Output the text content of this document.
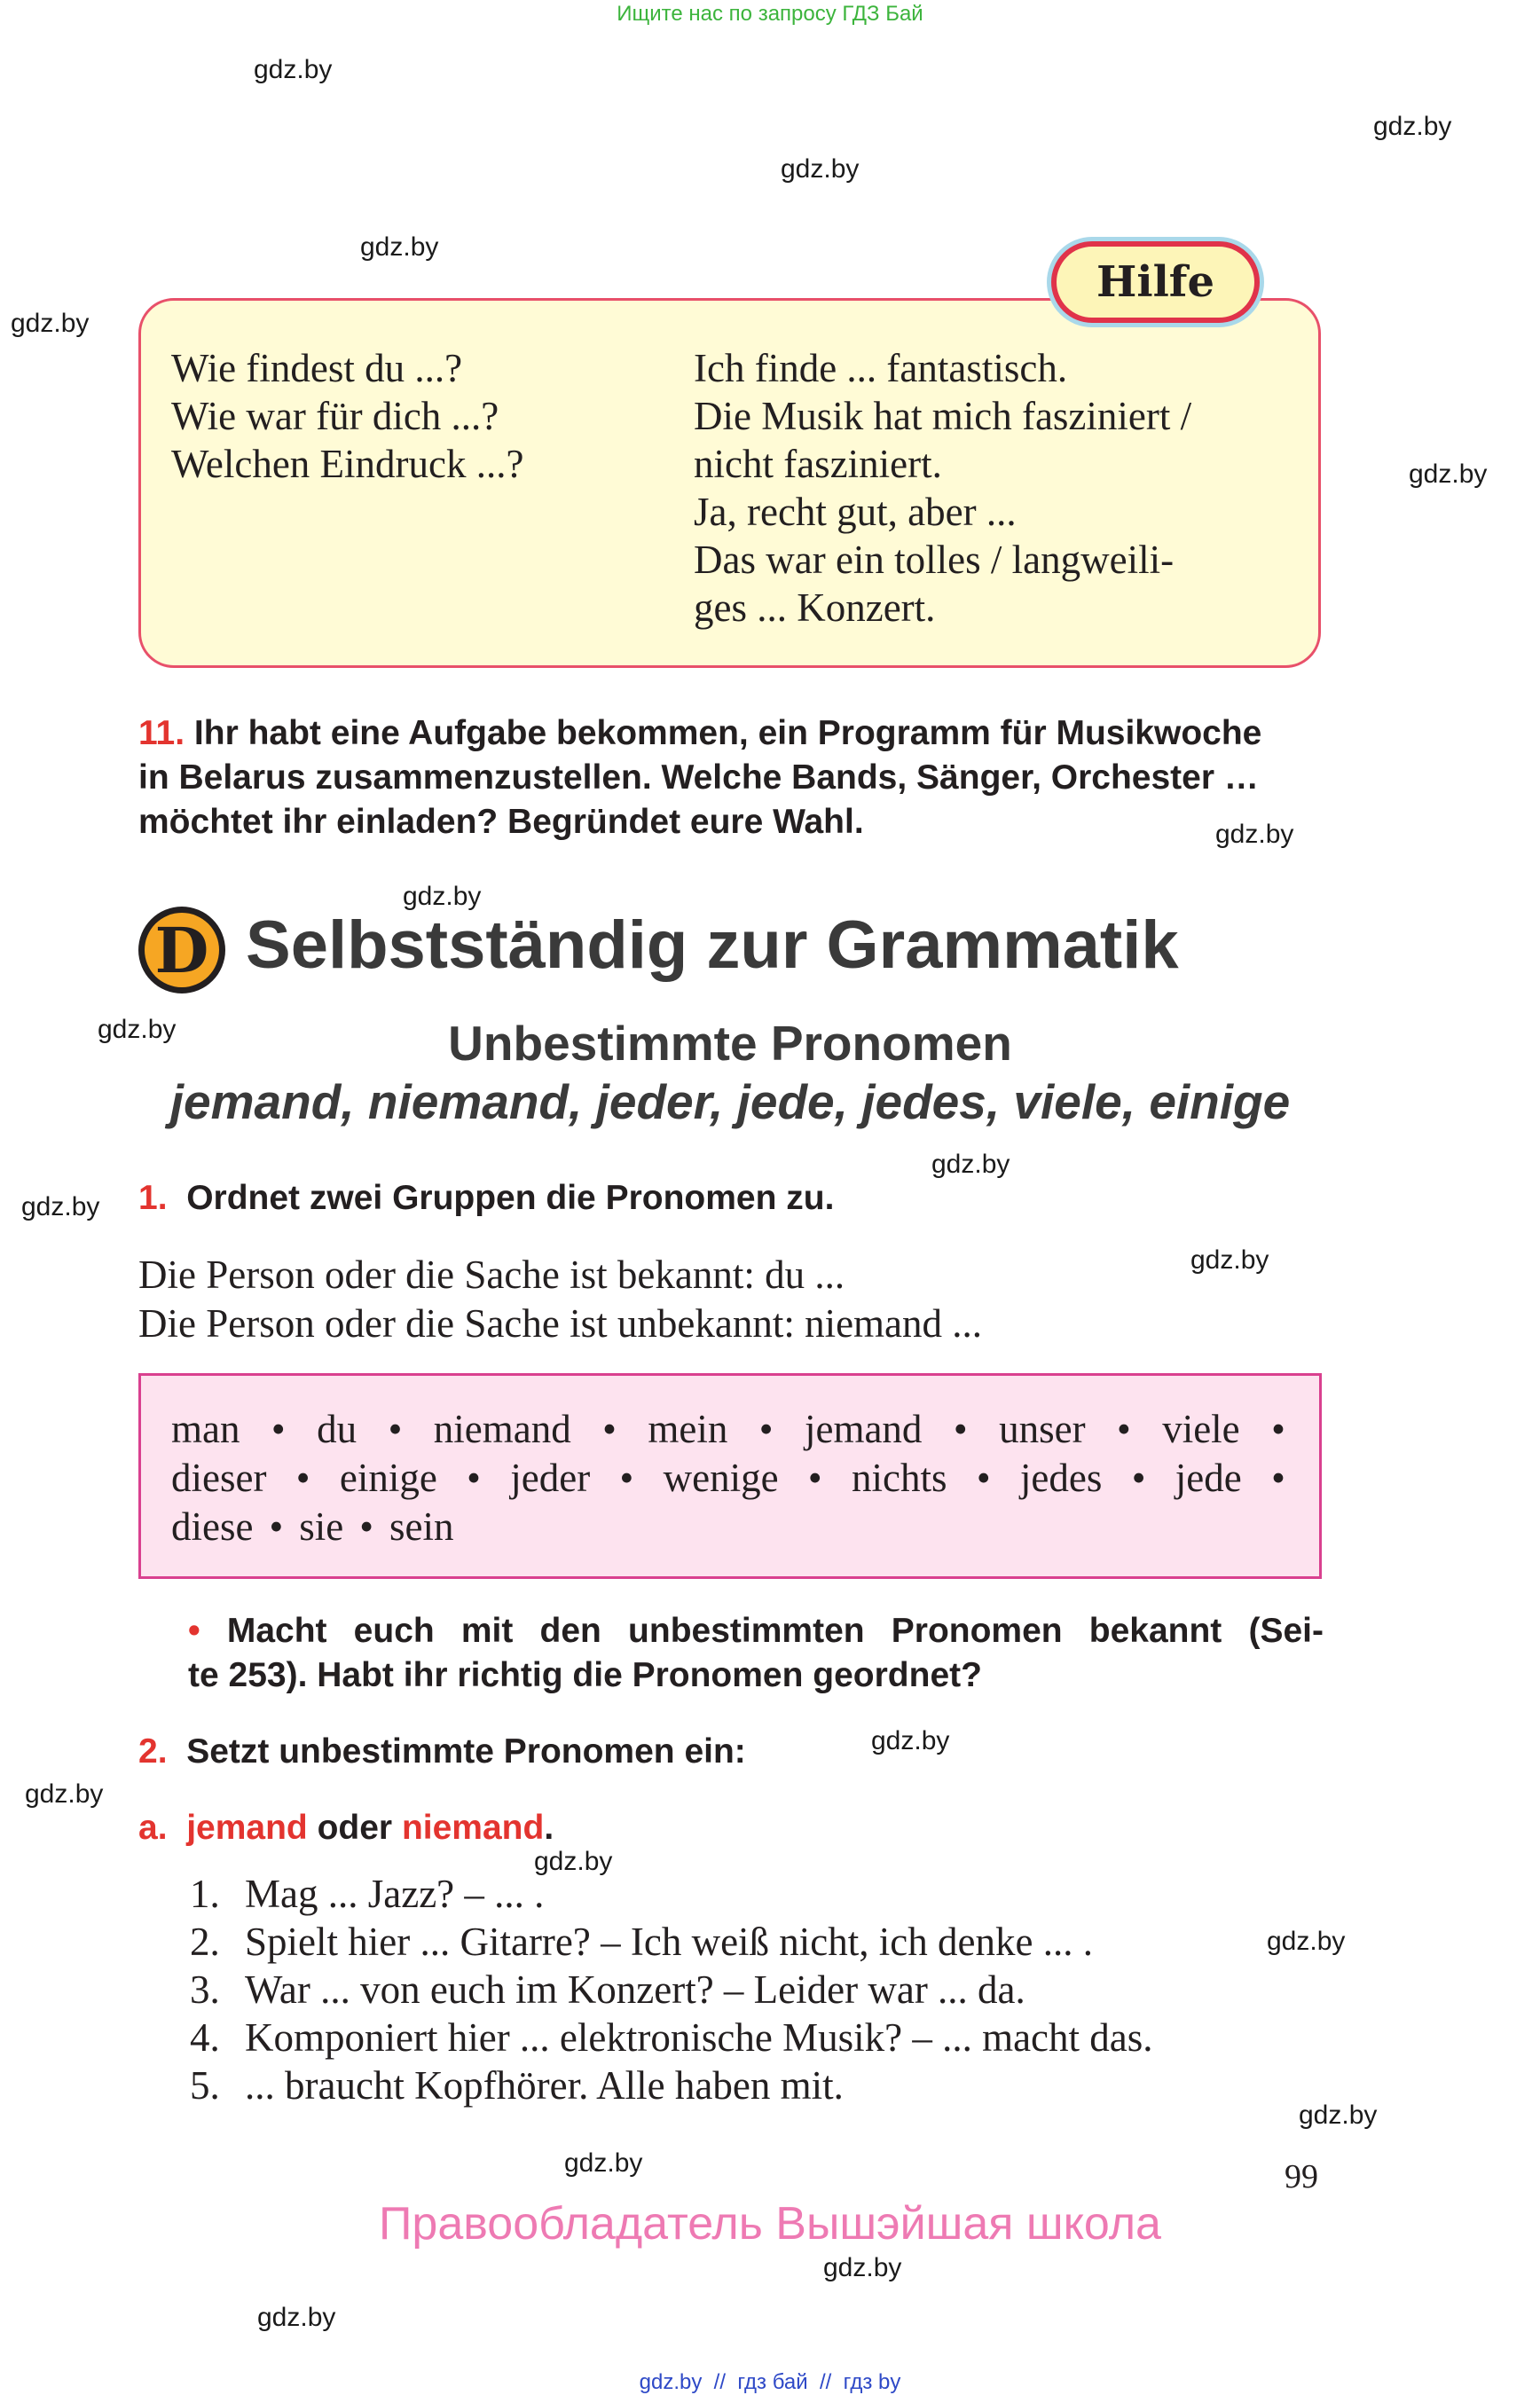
Ищите нас по запросу ГДЗ Бай
gdz.by
gdz.by
gdz.by
gdz.by
gdz.by
gdz.by
gdz.by
gdz.by
gdz.by
gdz.by
gdz.by
gdz.by
gdz.by
gdz.by
gdz.by
gdz.by
gdz.by
gdz.by
gdz.by
gdz.by
Hilfe
Wie findest du ...?
Wie war für dich ...?
Welchen Eindruck ...?
Ich finde ... fantastisch.
Die Musik hat mich fasziniert /
nicht fasziniert.
Ja, recht gut, aber ...
Das war ein tolles / langweili-
ges ... Konzert.
11. Ihr habt eine Aufgabe bekommen, ein Programm für Musikwoche
in Belarus zusammenzustellen. Welche Bands, Sänger, Orchester …
möchtet ihr einladen? Begründet eure Wahl.
D Selbstständig zur Grammatik
Unbestimmte Pronomen
jemand, niemand, jeder, jede, jedes, viele, einige
1. Ordnet zwei Gruppen die Pronomen zu.
Die Person oder die Sache ist bekannt: du ...
Die Person oder die Sache ist unbekannt: niemand ...
man • du • niemand • mein • jemand • unser • viele •
dieser • einige • jeder • wenige • nichts • jedes • jede •
diese • sie • sein
• Macht euch mit den unbestimmten Pronomen bekannt (Sei-
te 253). Habt ihr richtig die Pronomen geordnet?
2. Setzt unbestimmte Pronomen ein:
a. jemand oder niemand.
1. Mag ... Jazz? – ... .
2. Spielt hier ... Gitarre? – Ich weiß nicht, ich denke ... .
3. War ... von euch im Konzert? – Leider war ... da.
4. Komponiert hier ... elektronische Musik? – ... macht das.
5. ... braucht Kopfhörer. Alle haben mit.
99
Правообладатель Вышэйшая школа
gdz.by  //  гдз бай  //  гдз by
